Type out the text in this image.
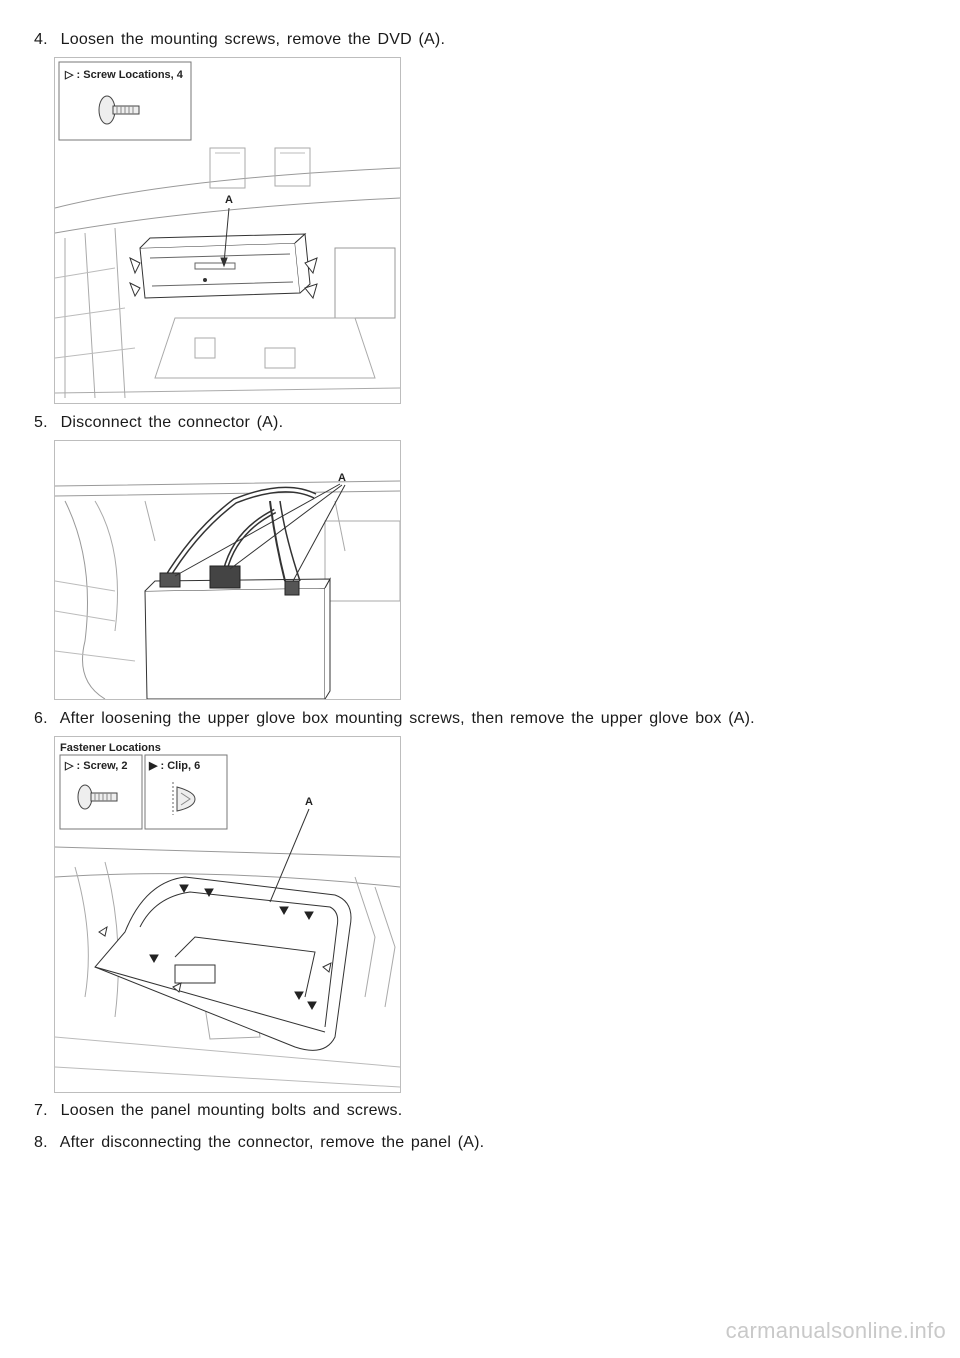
4. Loosen the mounting screws, remove the DVD (A).
▷ : Screw Locations, 4
A
5. Disconnect the connector (A).
A
6. After loosening the upper glove box mounting screws, then remove the upper glove box (A).
Fastener Locations
▷ : Screw, 2 ▶ : Clip, 6
A
7. Loosen the panel mounting bolts and screws.
8. After disconnecting the connector, remove the panel (A).
carmanualsonline.info
